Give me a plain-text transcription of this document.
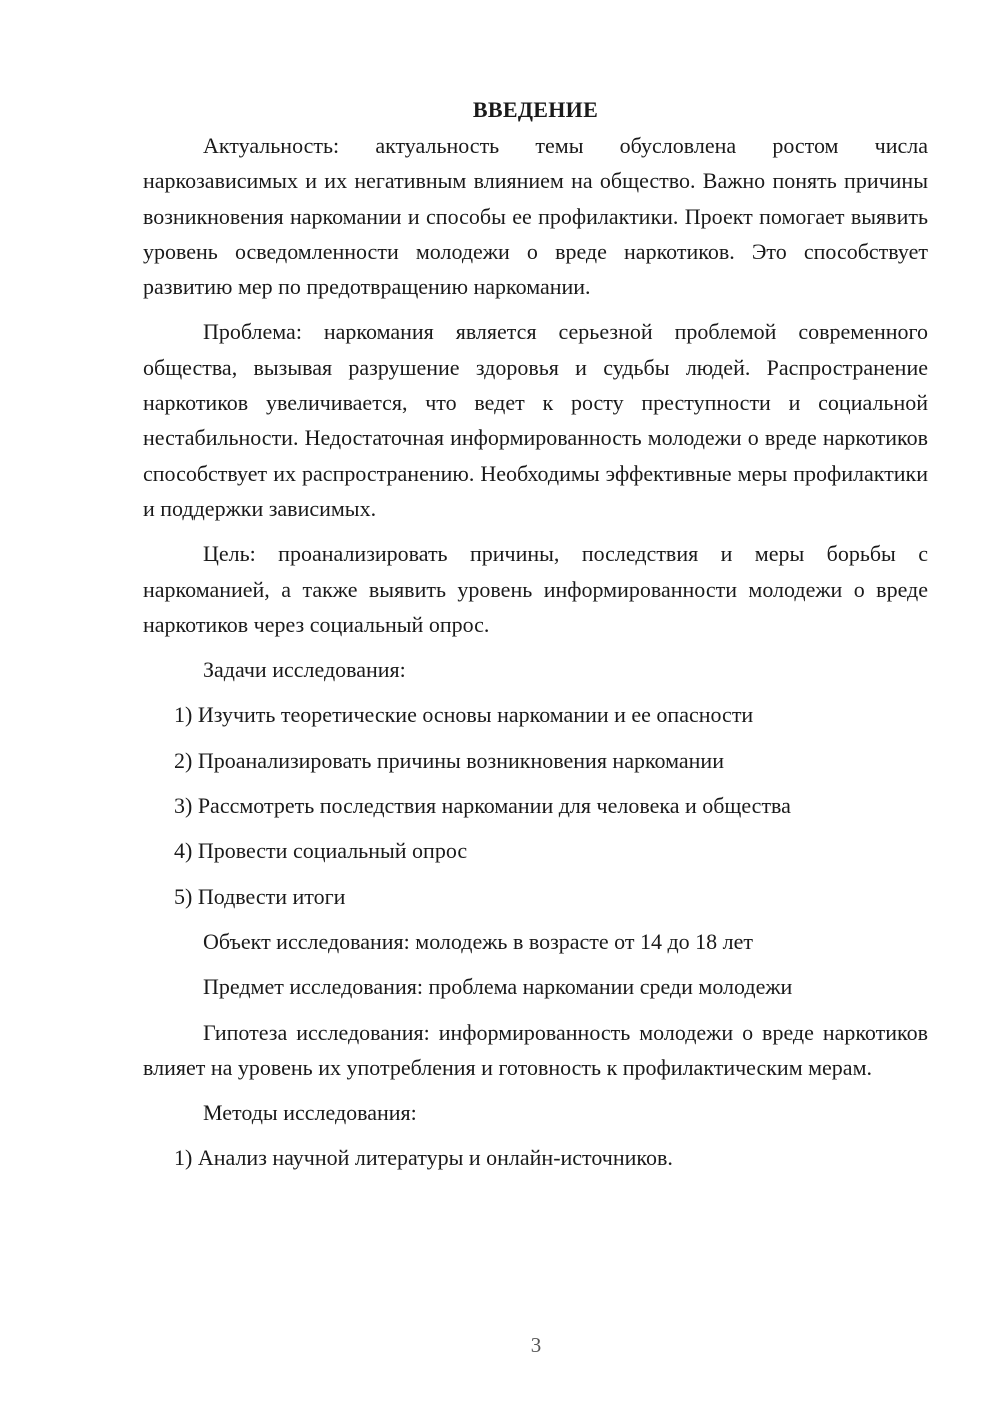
ВВЕДЕНИЕ

Актуальность: актуальность темы обусловлена ростом числа наркозависимых и их негативным влиянием на общество. Важно понять причины возникновения наркомании и способы ее профилактики. Проект помогает выявить уровень осведомленности молодежи о вреде наркотиков. Это способствует развитию мер по предотвращению наркомании.

Проблема: наркомания является серьезной проблемой современного общества, вызывая разрушение здоровья и судьбы людей. Распространение наркотиков увеличивается, что ведет к росту преступности и социальной нестабильности. Недостаточная информированность молодежи о вреде наркотиков способствует их распространению. Необходимы эффективные меры профилактики и поддержки зависимых.

Цель: проанализировать причины, последствия и меры борьбы с наркоманией, а также выявить уровень информированности молодежи о вреде наркотиков через социальный опрос.

Задачи исследования:

1) Изучить теоретические основы наркомании и ее опасности

2) Проанализировать причины возникновения наркомании

3) Рассмотреть последствия наркомании для человека и общества

4) Провести социальный опрос

5) Подвести итоги

Объект исследования: молодежь в возрасте от 14 до 18 лет

Предмет исследования: проблема наркомании среди молодежи

Гипотеза исследования: информированность молодежи о вреде наркотиков влияет на уровень их употребления и готовность к профилактическим мерам.

Методы исследования:

1) Анализ научной литературы и онлайн-источников.

3
